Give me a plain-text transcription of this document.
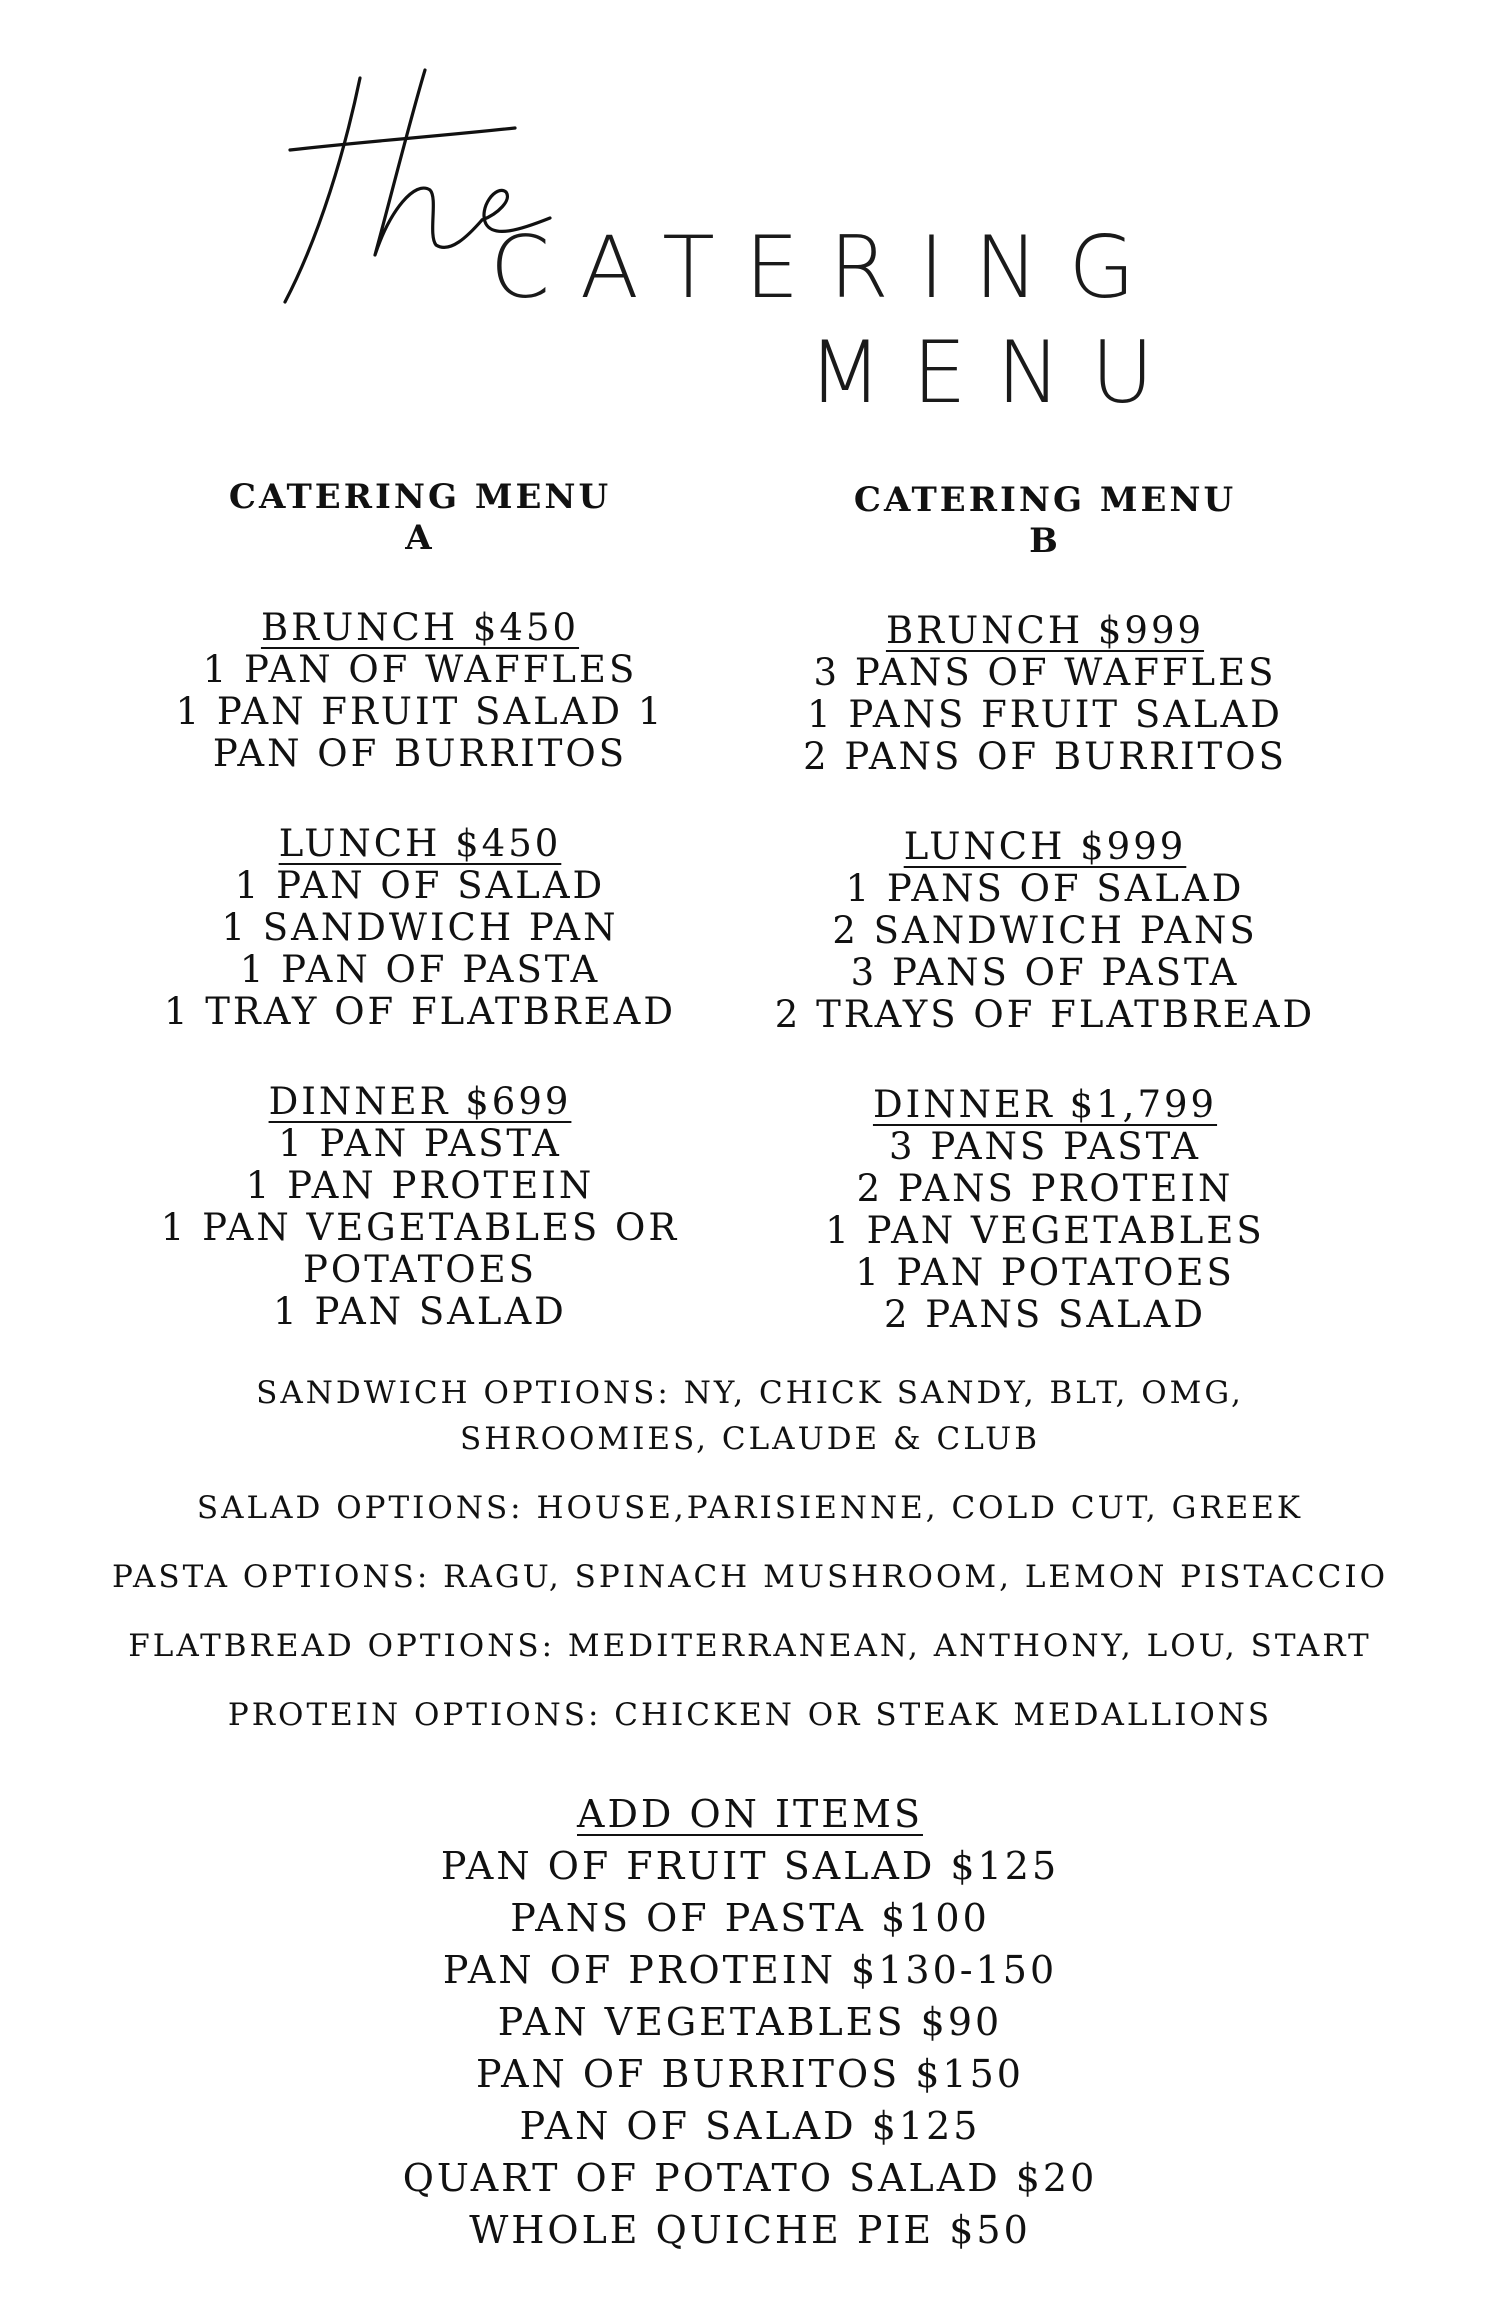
CATERING
MENU
CATERING MENU
A
BRUNCH $450
1 PAN OF WAFFLES
1 PAN FRUIT SALAD 1
PAN OF BURRITOS
LUNCH $450
1 PAN OF SALAD
1 SANDWICH PAN
1 PAN OF PASTA
1 TRAY OF FLATBREAD
DINNER $699
1 PAN PASTA
1 PAN PROTEIN
1 PAN VEGETABLES OR
POTATOES
1 PAN SALAD
CATERING MENU
B
BRUNCH $999
3 PANS OF WAFFLES
1 PANS FRUIT SALAD
2 PANS OF BURRITOS
LUNCH $999
1 PANS OF SALAD
2 SANDWICH PANS
3 PANS OF PASTA
2 TRAYS OF FLATBREAD
DINNER $1,799
3 PANS PASTA
2 PANS PROTEIN
1 PAN VEGETABLES
1 PAN POTATOES
2 PANS SALAD
SANDWICH OPTIONS: NY, CHICK SANDY, BLT, OMG,
SHROOMIES, CLAUDE & CLUB
SALAD OPTIONS: HOUSE,PARISIENNE, COLD CUT, GREEK
PASTA OPTIONS: RAGU, SPINACH MUSHROOM, LEMON PISTACCIO
FLATBREAD OPTIONS: MEDITERRANEAN, ANTHONY, LOU, START
PROTEIN OPTIONS: CHICKEN OR STEAK MEDALLIONS
ADD ON ITEMS
PAN OF FRUIT SALAD $125
PANS OF PASTA $100
PAN OF PROTEIN $130-150
PAN VEGETABLES $90
PAN OF BURRITOS $150
PAN OF SALAD $125
QUART OF POTATO SALAD $20
WHOLE QUICHE PIE $50
